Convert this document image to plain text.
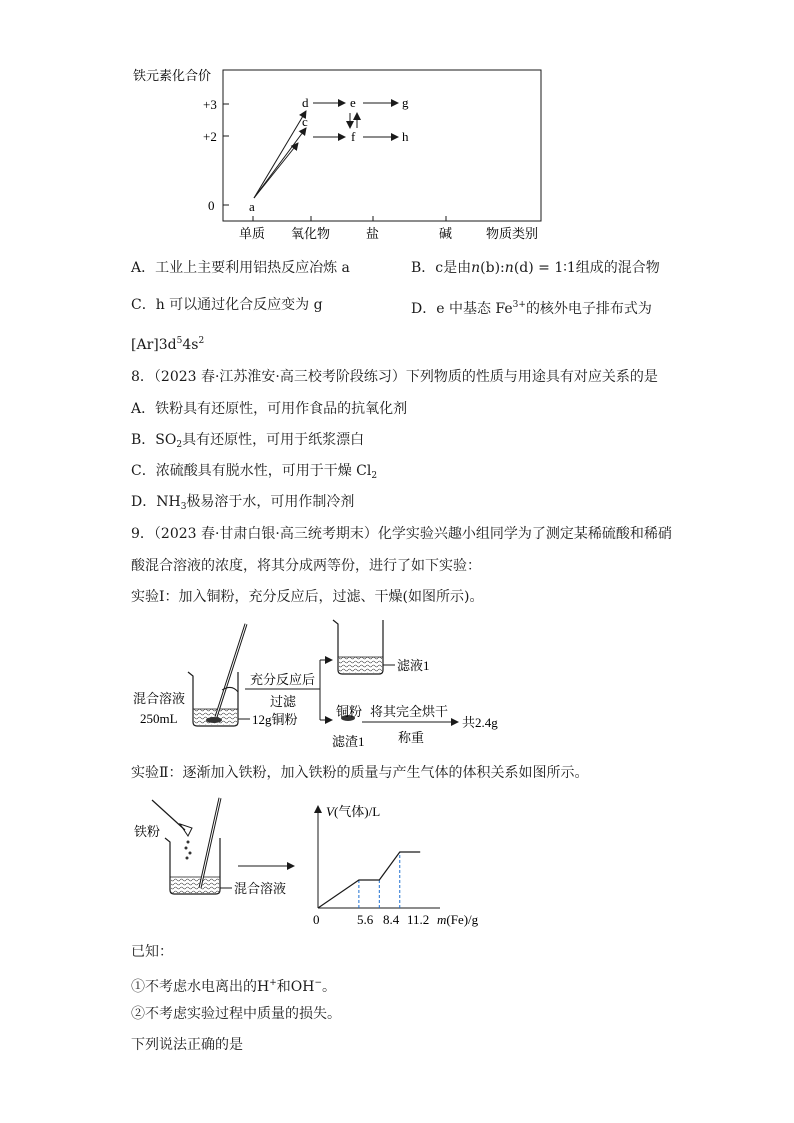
铁元素化合价
+3
+2
0
单质 氧化物	盐	碱	物质类别
a
c
d	e
f
g
h
A．工业上主要利用铝热反应冶炼 a	B．c是由n(b):n(d) = 1∶1组成的混合物
C．h 可以通过化合反应变为 g	D．e 中基态 $Fe^{3+}$的核外电子排布式为
$[Ar]3d^54s^2$
8．（2023 春·江苏淮安·高三校考阶段练习）下列物质的性质与用途具有对应关系的是
A．铁粉具有还原性，可用作食品的抗氧化剂
B．$SO_2$具有还原性，可用于纸浆漂白
C．浓硫酸具有脱水性，可用于干燥 $Cl_2$
D．$NH_3$极易溶于水，可用作制冷剂
9．（2023 春·甘肃白银·高三统考期末）化学实验兴趣小组同学为了测定某稀硫酸和稀硝
酸混合溶液的浓度，将其分成两等份，进行了如下实验：
实验Ⅰ：加入铜粉，充分反应后，过滤、干燥(如图所示)。
混合溶液
250mL	12g铜粉
充分反应后
过滤
滤液1
铜粉
滤渣1
将其完全烘干
称重
共2.4g
实验Ⅱ：逐渐加入铁粉，加入铁粉的质量与产生气体的体积关系如图所示。
铁粉
混合溶液
V(气体)/L
0	5.6 8.4 11.2 m(Fe)/g
已知：
①不考虑水电离出的H+和OH−。
②不考虑实验过程中质量的损失。
下列说法正确的是
